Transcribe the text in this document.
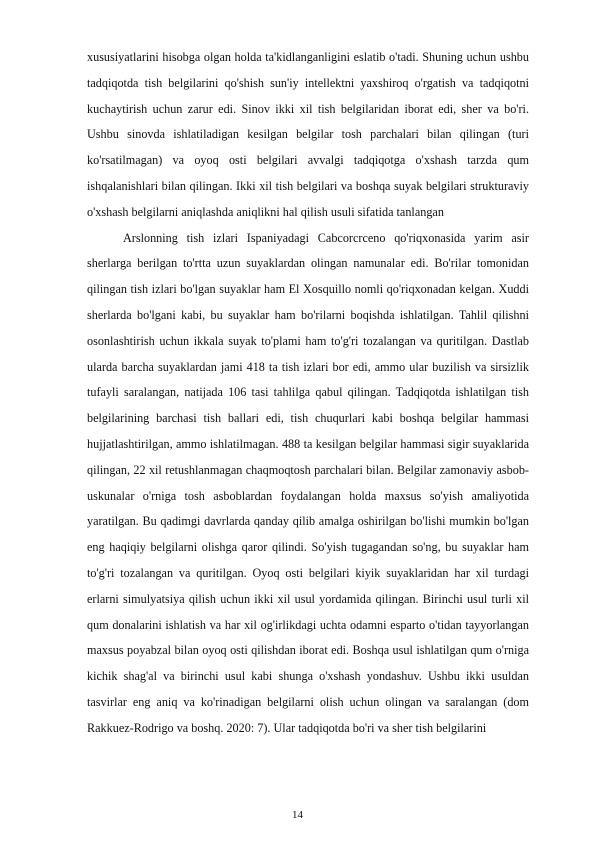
xususiyatlarini hisobga olgan holda ta'kidlanganligini eslatib o'tadi. Shuning uchun ushbu tadqiqotda tish belgilarini qo'shish sun'iy intellektni yaxshiroq o'rgatish va tadqiqotni kuchaytirish uchun zarur edi. Sinov ikki xil tish belgilaridan iborat edi, sher va bo'ri. Ushbu sinovda ishlatiladigan kesilgan belgilar tosh parchalari bilan qilingan (turi ko'rsatilmagan) va oyoq osti belgilari avvalgi tadqiqotga o'xshash tarzda qum ishqalanishlari bilan qilingan. Ikki xil tish belgilari va boshqa suyak belgilari strukturaviy o'xshash belgilarni aniqlashda aniqlikni hal qilish usuli sifatida tanlangan

Arslonning tish izlari Ispaniyadagi Cabcorcrceno qo'riqxonasida yarim asir sherlarga berilgan to'rtta uzun suyaklardan olingan namunalar edi. Bo'rilar tomonidan qilingan tish izlari bo'lgan suyaklar ham El Xosquillo nomli qo'riqxonadan kelgan. Xuddi sherlarda bo'lgani kabi, bu suyaklar ham bo'rilarni boqishda ishlatilgan. Tahlil qilishni osonlashtirish uchun ikkala suyak to'plami ham to'g'ri tozalangan va quritilgan. Dastlab ularda barcha suyaklardan jami 418 ta tish izlari bor edi, ammo ular buzilish va sirsizlik tufayli saralangan, natijada 106 tasi tahlilga qabul qilingan. Tadqiqotda ishlatilgan tish belgilarining barchasi tish ballari edi, tish chuqurlari kabi boshqa belgilar hammasi hujjatlashtirilgan, ammo ishlatilmagan. 488 ta kesilgan belgilar hammasi sigir suyaklarida qilingan, 22 xil retushlanmagan chaqmoqtosh parchalari bilan. Belgilar zamonaviy asbob-uskunalar o'rniga tosh asboblardan foydalangan holda maxsus so'yish amaliyotida yaratilgan. Bu qadimgi davrlarda qanday qilib amalga oshirilgan bo'lishi mumkin bo'lgan eng haqiqiy belgilarni olishga qaror qilindi. So'yish tugagandan so'ng, bu suyaklar ham to'g'ri tozalangan va quritilgan. Oyoq osti belgilari kiyik suyaklaridan har xil turdagi erlarni simulyatsiya qilish uchun ikki xil usul yordamida qilingan. Birinchi usul turli xil qum donalarini ishlatish va har xil og'irlikdagi uchta odamni esparto o'tidan tayyorlangan maxsus poyabzal bilan oyoq osti qilishdan iborat edi. Boshqa usul ishlatilgan qum o'rniga kichik shag'al va birinchi usul kabi shunga o'xshash yondashuv. Ushbu ikki usuldan tasvirlar eng aniq va ko'rinadigan belgilarni olish uchun olingan va saralangan (dom Rakkuez-Rodrigo va boshq. 2020: 7). Ular tadqiqotda bo'ri va sher tish belgilarini

14
